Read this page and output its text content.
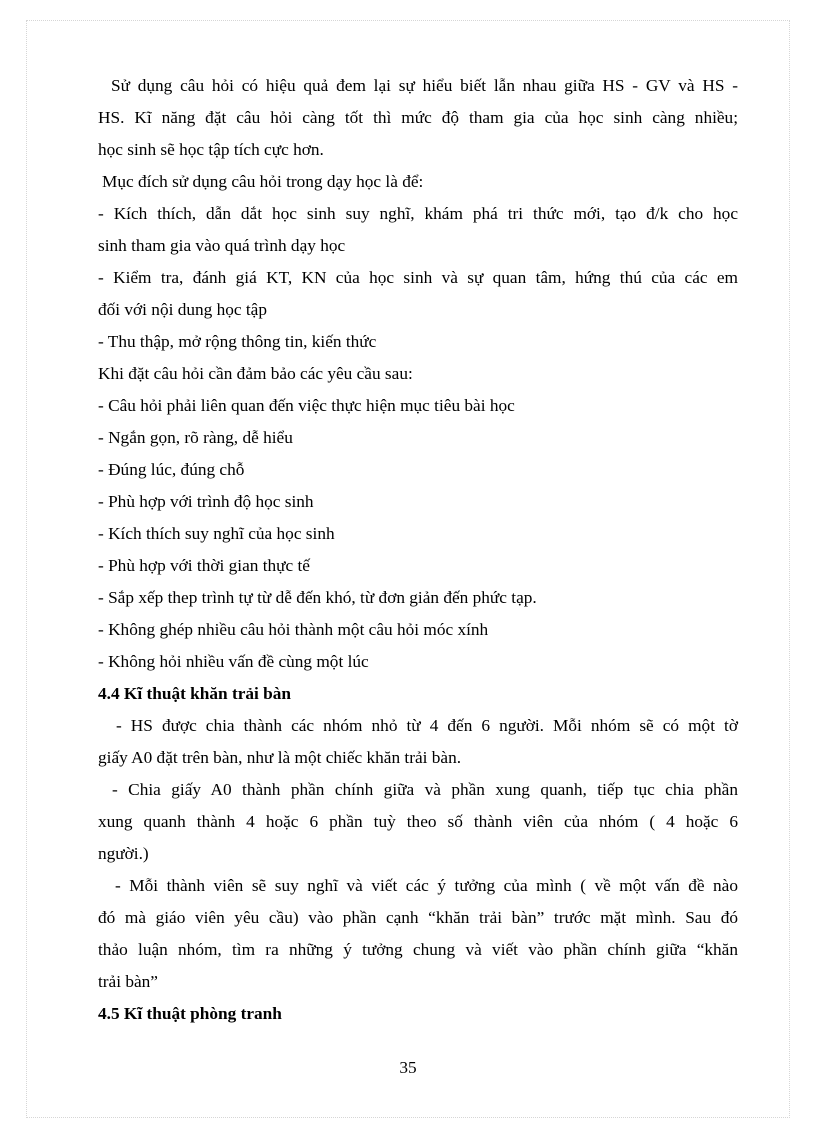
Sử dụng câu hỏi có hiệu quả đem lại sự hiểu biết lẫn nhau giữa HS - GV và HS -
HS. Kĩ năng đặt câu hỏi càng tốt thì mức độ tham gia của học sinh càng nhiều;
học sinh sẽ học tập tích cực hơn.
Mục đích sử dụng câu hỏi trong dạy học là để:
- Kích thích, dẫn dắt học sinh suy nghĩ, khám phá tri thức mới, tạo đ/k cho học
sinh tham gia vào quá trình dạy học
- Kiểm tra, đánh giá KT, KN của học sinh và sự quan tâm, hứng thú của các em
đối với nội dung học tập
- Thu thập, mở rộng thông tin, kiến thức
Khi đặt câu hỏi cần đảm bảo các yêu cầu sau:
- Câu hỏi phải liên quan đến việc thực hiện mục tiêu bài học
- Ngắn gọn, rõ ràng, dễ hiểu
- Đúng lúc, đúng chỗ
- Phù hợp với trình độ học sinh
- Kích thích suy nghĩ của học sinh
- Phù hợp với thời gian thực tế
- Sắp xếp thep trình tự từ dễ đến khó, từ đơn giản đến phức tạp.
- Không ghép nhiều câu hỏi thành một câu hỏi móc xính
- Không hỏi nhiều vấn đề cùng một lúc
4.4 Kĩ thuật khăn trải bàn
- HS được chia thành các nhóm nhỏ từ 4 đến 6 người. Mỗi nhóm sẽ có một tờ
giấy A0 đặt trên bàn, như là một chiếc khăn trải bàn.
- Chia giấy A0 thành phần chính giữa và phần xung quanh, tiếp tục chia phần
xung quanh thành 4 hoặc 6 phần tuỳ theo số thành viên của nhóm ( 4 hoặc 6
người.)
- Mỗi thành viên sẽ suy nghĩ và viết các ý tưởng của mình ( về một vấn đề nào
đó mà giáo viên yêu cầu) vào phần cạnh “khăn trải bàn” trước mặt mình. Sau đó
thảo luận nhóm, tìm ra những ý tưởng chung và viết vào phần chính giữa “khăn
trải bàn”
4.5 Kĩ thuật phòng tranh
35
